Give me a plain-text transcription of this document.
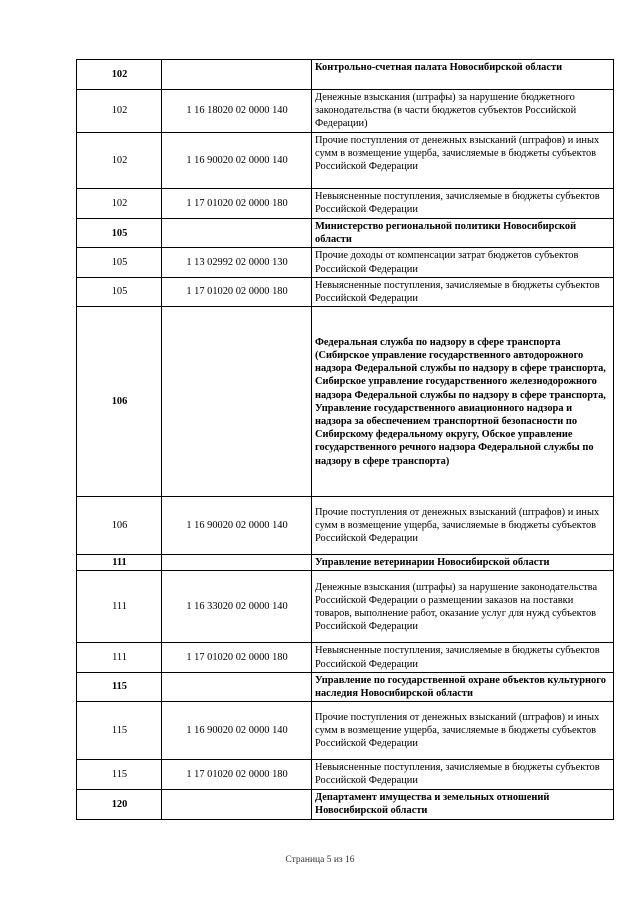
102		Контрольно-счетная палата Новосибирской области
102	1 16 18020 02 0000 140	Денежные взыскания (штрафы) за нарушение бюджетного законодательства (в части бюджетов субъектов Российской Федерации)
102	1 16 90020 02 0000 140	Прочие поступления от денежных взысканий (штрафов) и иных сумм в возмещение ущерба, зачисляемые в бюджеты субъектов Российской Федерации
102	1 17 01020 02 0000 180	Невыясненные поступления, зачисляемые в бюджеты субъектов Российской Федерации
105		Министерство региональной политики Новосибирской области
105	1 13 02992 02 0000 130	Прочие доходы от компенсации затрат бюджетов субъектов Российской Федерации
105	1 17 01020 02 0000 180	Невыясненные поступления, зачисляемые в бюджеты субъектов Российской Федерации
106		Федеральная служба по надзору в сфере транспорта (Сибирское управление государственного автодорожного надзора Федеральной службы по надзору в сфере транспорта, Сибирское управление государственного железнодорожного надзора Федеральной службы по надзору в сфере транспорта, Управление государственного авиационного надзора и надзора за обеспечением транспортной безопасности по Сибирскому федеральному округу, Обское управление государственного речного надзора Федеральной службы по надзору в сфере транспорта)
106	1 16 90020 02 0000 140	Прочие поступления от денежных взысканий (штрафов) и иных сумм в возмещение ущерба, зачисляемые в бюджеты субъектов Российской Федерации
111		Управление ветеринарии Новосибирской области
111	1 16 33020 02 0000 140	Денежные взыскания (штрафы) за нарушение законодательства Российской Федерации о размещении заказов на поставки товаров, выполнение работ, оказание услуг для нужд субъектов Российской Федерации
111	1 17 01020 02 0000 180	Невыясненные поступления, зачисляемые в бюджеты субъектов Российской Федерации
115		Управление по государственной охране объектов культурного наследия Новосибирской области
115	1 16 90020 02 0000 140	Прочие поступления от денежных взысканий (штрафов) и иных сумм в возмещение ущерба, зачисляемые в бюджеты субъектов Российской Федерации
115	1 17 01020 02 0000 180	Невыясненные поступления, зачисляемые в бюджеты субъектов Российской Федерации
120		Департамент имущества и земельных отношений Новосибирской области
Страница 5 из 16
